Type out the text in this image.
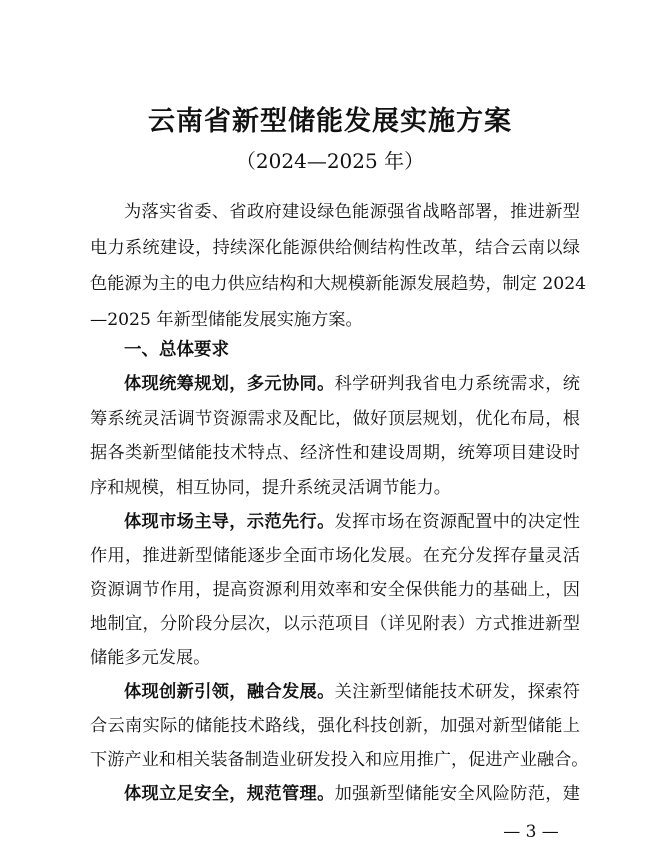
云南省新型储能发展实施方案
（2024—2025 年）
为落实省委、省政府建设绿色能源强省战略部署，推进新型
电力系统建设，持续深化能源供给侧结构性改革，结合云南以绿
色能源为主的电力供应结构和大规模新能源发展趋势，制定 2024
—2025 年新型储能发展实施方案。
一、总体要求
体现统筹规划，多元协同。科学研判我省电力系统需求，统
筹系统灵活调节资源需求及配比，做好顶层规划，优化布局，根
据各类新型储能技术特点、经济性和建设周期，统筹项目建设时
序和规模，相互协同，提升系统灵活调节能力。
体现市场主导，示范先行。发挥市场在资源配置中的决定性
作用，推进新型储能逐步全面市场化发展。在充分发挥存量灵活
资源调节作用，提高资源利用效率和安全保供能力的基础上，因
地制宜，分阶段分层次，以示范项目（详见附表）方式推进新型
储能多元发展。
体现创新引领，融合发展。关注新型储能技术研发，探索符
合云南实际的储能技术路线，强化科技创新，加强对新型储能上
下游产业和相关装备制造业研发投入和应用推广，促进产业融合。
体现立足安全，规范管理。加强新型储能安全风险防范，建
— 3 —
